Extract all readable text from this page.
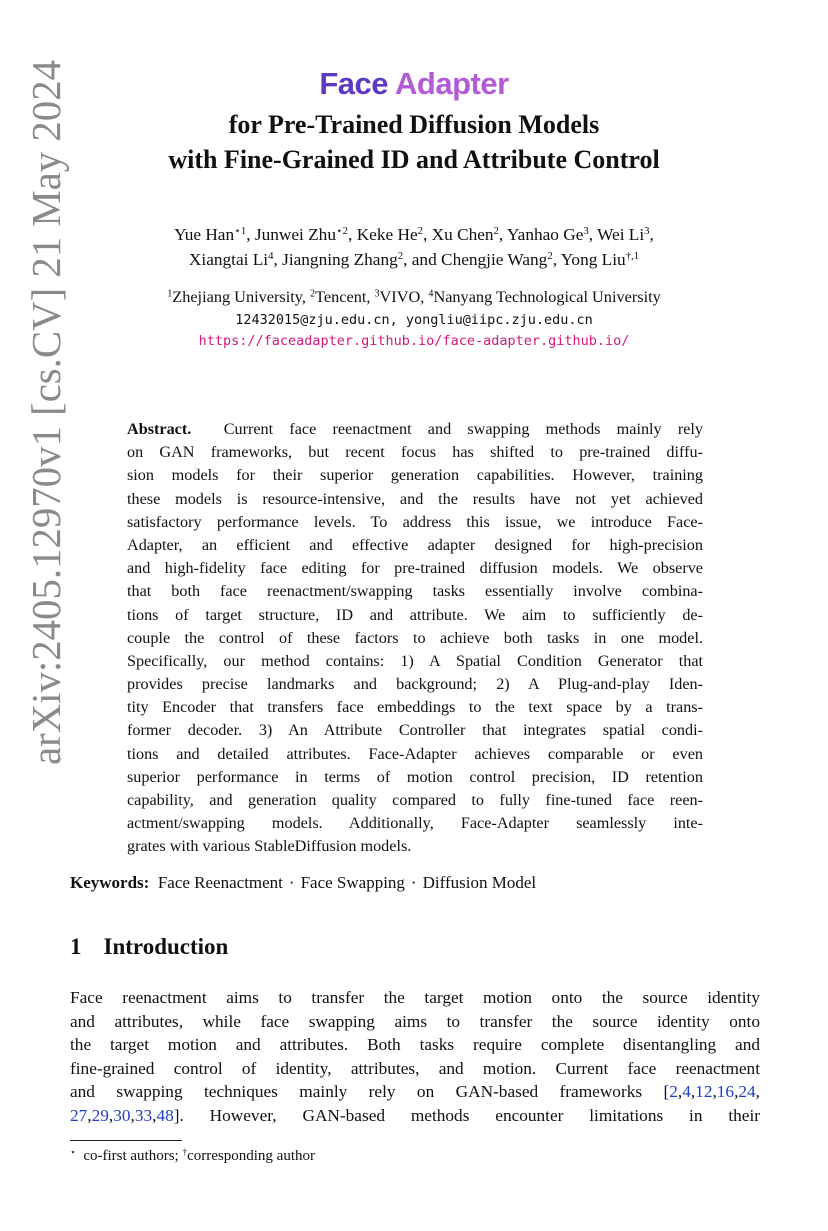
arXiv:2405.12970v1 [cs.CV] 21 May 2024	Face Adapter
for Pre-Trained Diffusion Models
with Fine-Grained ID and Attribute Control
Yue Han$^{⋆1}$, Junwei Zhu$^{⋆2}$, Keke He$^2$, Xu Chen$^2$, Yanhao Ge$^3$, Wei Li$^3$,
Xiangtai Li$^4$, Jiangning Zhang$^2$, and Chengjie Wang$^2$, Yong Liu$^{\dagger,1}$
$^1$Zhejiang University, $^2$Tencent, $^3$VIVO, $^4$Nanyang Technological University
12432015@zju.edu.cn, yongliu@iipc.zju.edu.cn
https://faceadapter.github.io/face-adapter.github.io/
Abstract. Current face reenactment and swapping methods mainly rely
on GAN frameworks, but recent focus has shifted to pre-trained diffu-
sion models for their superior generation capabilities. However, training
these models is resource-intensive, and the results have not yet achieved
satisfactory performance levels. To address this issue, we introduce Face-
Adapter, an efficient and effective adapter designed for high-precision
and high-fidelity face editing for pre-trained diffusion models. We observe
that both face reenactment/swapping tasks essentially involve combina-
tions of target structure, ID and attribute. We aim to sufficiently de-
couple the control of these factors to achieve both tasks in one model.
Specifically, our method contains: 1) A Spatial Condition Generator that
provides precise landmarks and background; 2) A Plug-and-play Iden-
tity Encoder that transfers face embeddings to the text space by a trans-
former decoder. 3) An Attribute Controller that integrates spatial condi-
tions and detailed attributes. Face-Adapter achieves comparable or even
superior performance in terms of motion control precision, ID retention
capability, and generation quality compared to fully fine-tuned face reen-
actment/swapping models. Additionally, Face-Adapter seamlessly inte-
grates with various StableDiffusion models.
Keywords: Face Reenactment · Face Swapping · Diffusion Model
1 Introduction
Face reenactment aims to transfer the target motion onto the source identity
and attributes, while face swapping aims to transfer the source identity onto
the target motion and attributes. Both tasks require complete disentangling and
fine-grained control of identity, attributes, and motion. Current face reenactment
and swapping techniques mainly rely on GAN-based frameworks [2,4,12,16,24,
27,29,30,33,48]. However, GAN-based methods encounter limitations in their
⋆ co-first authors; †corresponding author
